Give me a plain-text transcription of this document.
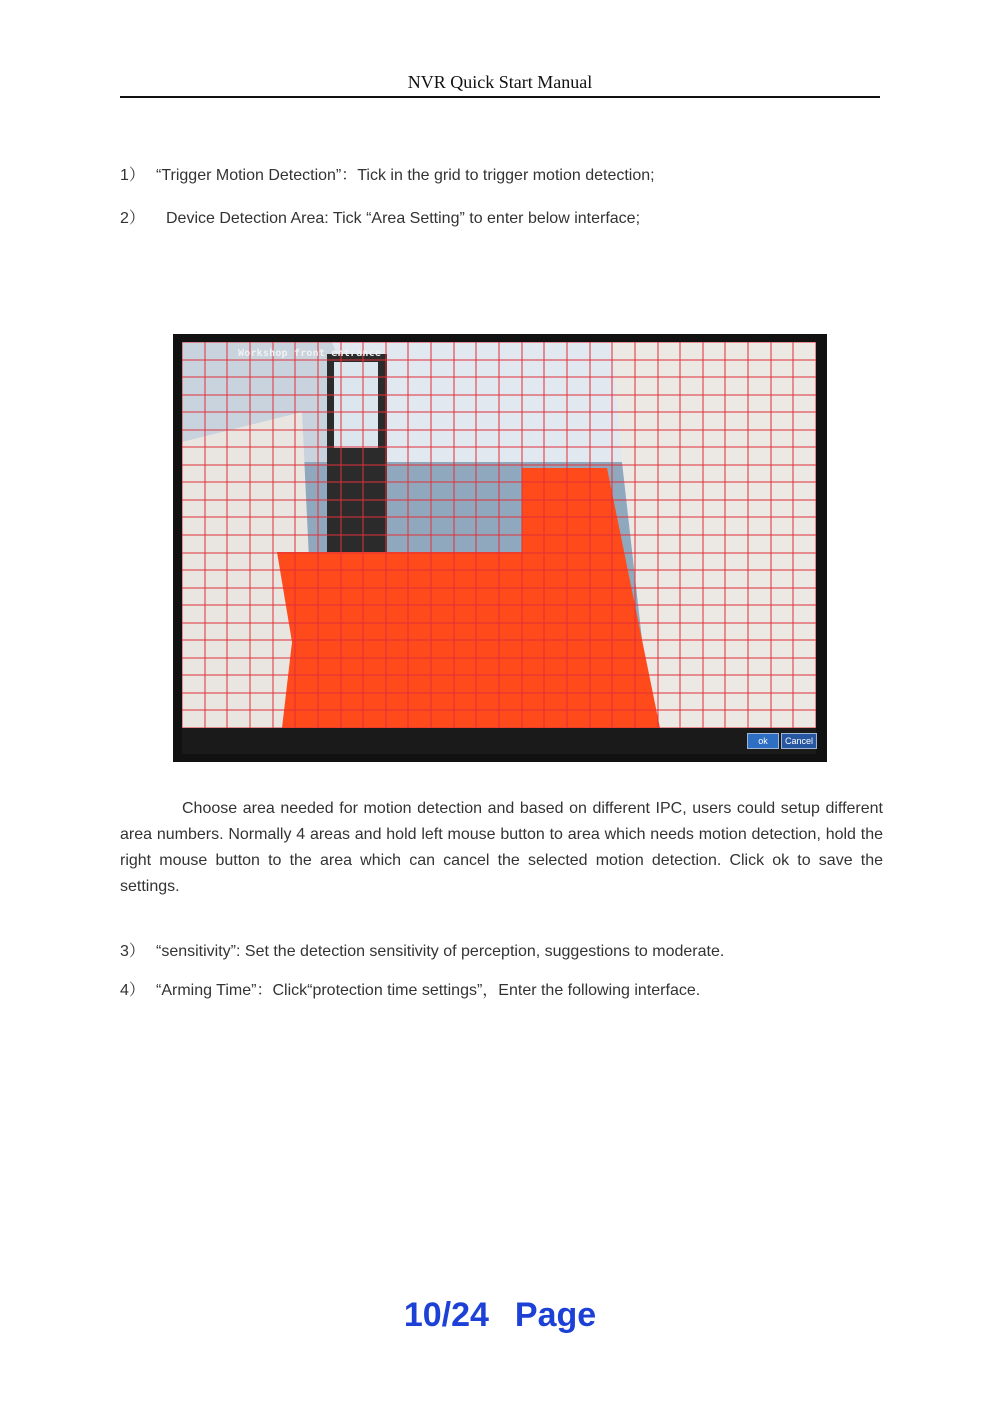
NVR Quick Start Manual
1） “Trigger Motion Detection”：Tick in the grid to trigger motion detection;
2） Device Detection Area: Tick “Area Setting” to enter below interface;
Workshop front entrance
ok	Cancel
Choose area needed for motion detection and based on different IPC, users could setup different area numbers. Normally 4 areas and hold left mouse button to area which needs motion detection, hold the right mouse button to the area which can cancel the selected motion detection. Click ok to save the settings.
3） “sensitivity”: Set the detection sensitivity of perception, suggestions to moderate.
4） “Arming Time”：Click“protection time settings”，Enter the following interface.
10/24 Page
